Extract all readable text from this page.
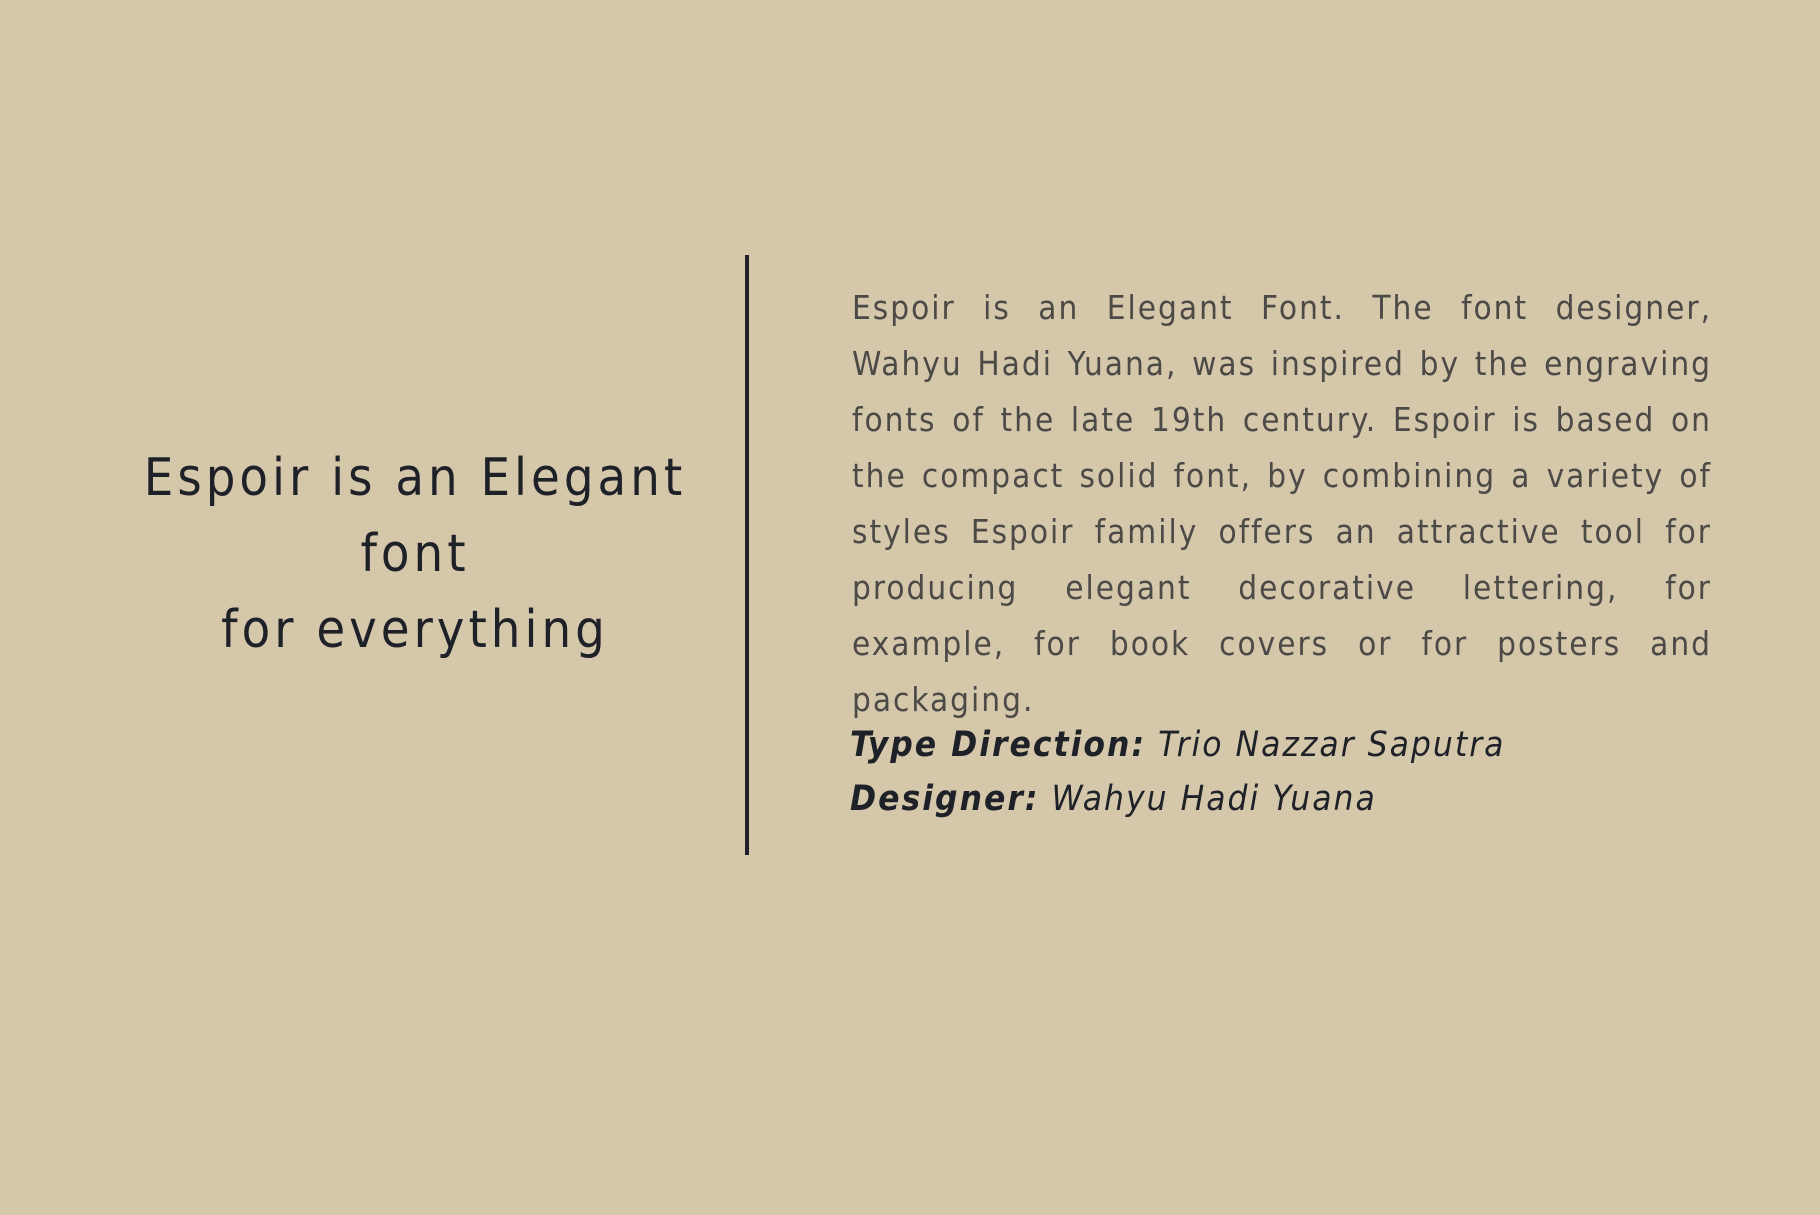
Espoir is an Elegant font
for everything

Espoir is an Elegant Font. The font designer, Wahyu Hadi Yuana, was inspired by the engraving fonts of the late 19th century. Espoir is based on the compact solid font, by combining a variety of styles Espoir family offers an attractive tool for producing elegant decorative lettering, for example, for book covers or for posters and packaging.

Type Direction: Trio Nazzar Saputra
Designer: Wahyu Hadi Yuana
